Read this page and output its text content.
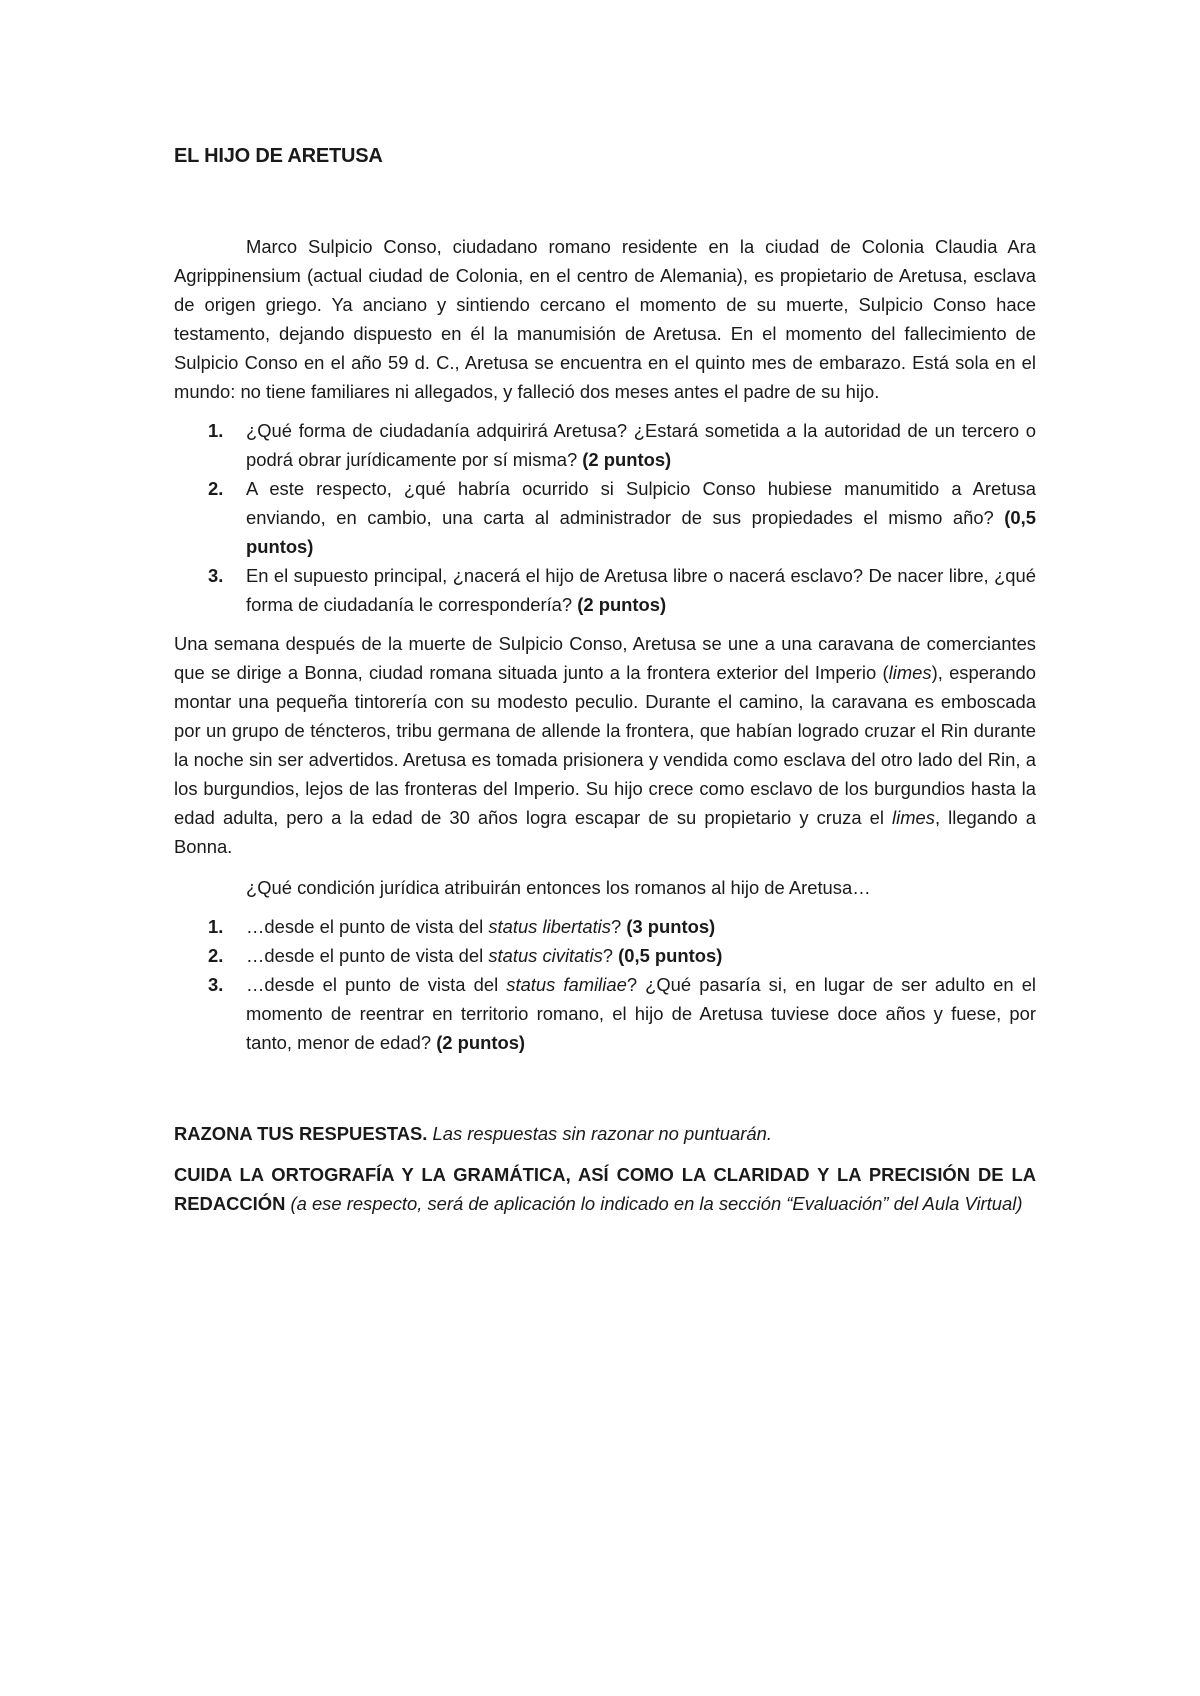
EL HIJO DE ARETUSA

Marco Sulpicio Conso, ciudadano romano residente en la ciudad de Colonia Claudia Ara Agrippinensium (actual ciudad de Colonia, en el centro de Alemania), es propietario de Aretusa, esclava de origen griego. Ya anciano y sintiendo cercano el momento de su muerte, Sulpicio Conso hace testamento, dejando dispuesto en él la manumisión de Aretusa. En el momento del fallecimiento de Sulpicio Conso en el año 59 d. C., Aretusa se encuentra en el quinto mes de embarazo. Está sola en el mundo: no tiene familiares ni allegados, y falleció dos meses antes el padre de su hijo.

1. ¿Qué forma de ciudadanía adquirirá Aretusa? ¿Estará sometida a la autoridad de un tercero o podrá obrar jurídicamente por sí misma? (2 puntos)
2. A este respecto, ¿qué habría ocurrido si Sulpicio Conso hubiese manumitido a Aretusa enviando, en cambio, una carta al administrador de sus propiedades el mismo año? (0,5 puntos)
3. En el supuesto principal, ¿nacerá el hijo de Aretusa libre o nacerá esclavo? De nacer libre, ¿qué forma de ciudadanía le correspondería? (2 puntos)

Una semana después de la muerte de Sulpicio Conso, Aretusa se une a una caravana de comerciantes que se dirige a Bonna, ciudad romana situada junto a la frontera exterior del Imperio (limes), esperando montar una pequeña tintorería con su modesto peculio. Durante el camino, la caravana es emboscada por un grupo de téncteros, tribu germana de allende la frontera, que habían logrado cruzar el Rin durante la noche sin ser advertidos. Aretusa es tomada prisionera y vendida como esclava del otro lado del Rin, a los burgundios, lejos de las fronteras del Imperio. Su hijo crece como esclavo de los burgundios hasta la edad adulta, pero a la edad de 30 años logra escapar de su propietario y cruza el limes, llegando a Bonna.

¿Qué condición jurídica atribuirán entonces los romanos al hijo de Aretusa…

1. …desde el punto de vista del status libertatis? (3 puntos)
2. …desde el punto de vista del status civitatis? (0,5 puntos)
3. …desde el punto de vista del status familiae? ¿Qué pasaría si, en lugar de ser adulto en el momento de reentrar en territorio romano, el hijo de Aretusa tuviese doce años y fuese, por tanto, menor de edad? (2 puntos)

RAZONA TUS RESPUESTAS. Las respuestas sin razonar no puntuarán.

CUIDA LA ORTOGRAFÍA Y LA GRAMÁTICA, ASÍ COMO LA CLARIDAD Y LA PRECISIÓN DE LA REDACCIÓN (a ese respecto, será de aplicación lo indicado en la sección “Evaluación” del Aula Virtual)
